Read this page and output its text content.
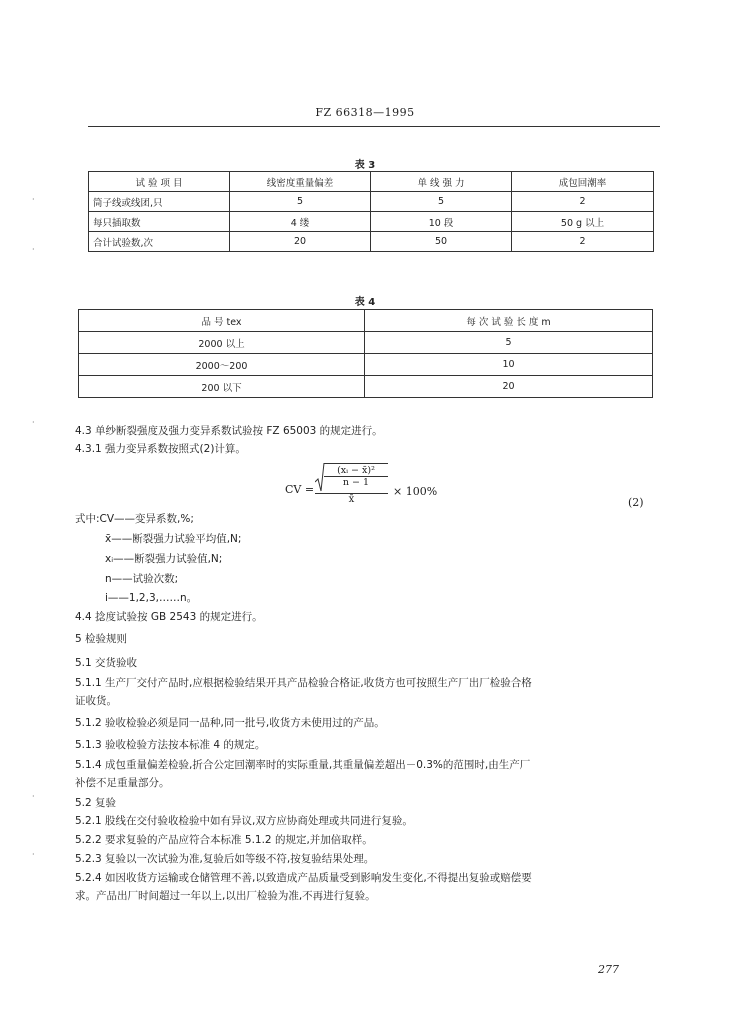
FZ 66318—1995
表 3
试 验 项 目	线密度重量偏差	单 线 强 力	成包回潮率
筒子线或线团,只	5	5	2
每只插取数	4 缕	10 段	50 g 以上
合计试验数,次	20	50	2
表 4
品 号 tex	每 次 试 验 长 度 m
2000 以上	5
2000～200	10
200 以下	20
4.3 单纱断裂强度及强力变异系数试验按 FZ 65003 的规定进行。
4.3.1 强力变异系数按照式(2)计算。
CV =
$\frac{\text{(xᵢ − x̄)²}}{n - 1}$
x̄
× 100%
(2)
式中:CV——变异系数,%;
x̄——断裂强力试验平均值,N;
xᵢ——断裂强力试验值,N;
n——试验次数;
i——1,2,3,……n。
4.4 捻度试验按 GB 2543 的规定进行。
5 检验规则
5.1 交货验收
5.1.1 生产厂交付产品时,应根据检验结果开具产品检验合格证,收货方也可按照生产厂出厂检验合格
证收货。
5.1.2 验收检验必须是同一品种,同一批号,收货方未使用过的产品。
5.1.3 验收检验方法按本标准 4 的规定。
5.1.4 成包重量偏差检验,折合公定回潮率时的实际重量,其重量偏差超出－0.3%的范围时,由生产厂
补偿不足重量部分。
5.2 复验
5.2.1 股线在交付验收检验中如有异议,双方应协商处理或共同进行复验。
5.2.2 要求复验的产品应符合本标准 5.1.2 的规定,并加倍取样。
5.2.3 复验以一次试验为准,复验后如等级不符,按复验结果处理。
5.2.4 如因收货方运输或仓储管理不善,以致造成产品质量受到影响发生变化,不得提出复验或赔偿要
求。产品出厂时间超过一年以上,以出厂检验为准,不再进行复验。
277
·
·
·
·
·
